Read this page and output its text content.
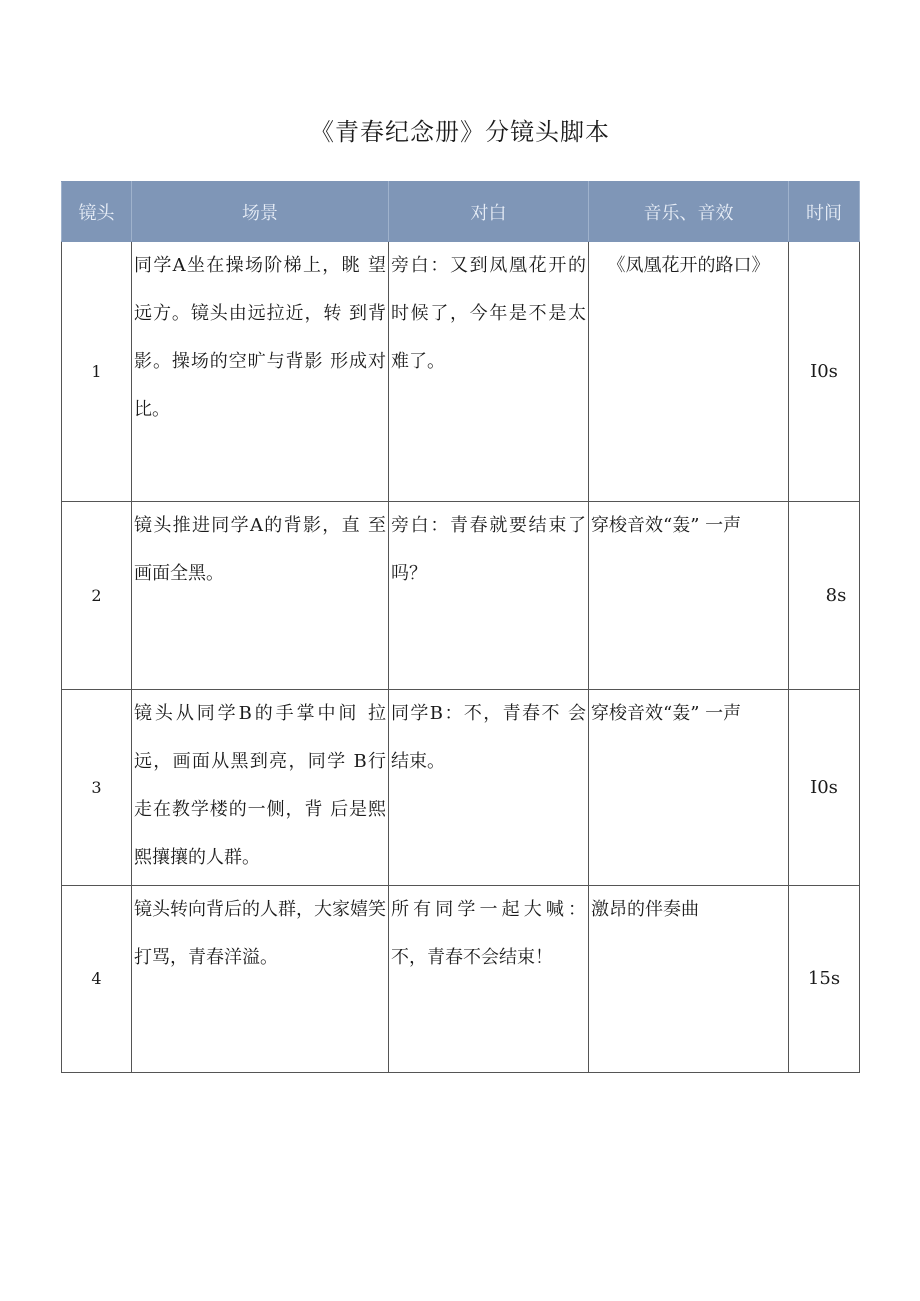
《青春纪念册》分镜头脚本
镜头	场景	对白	音乐、音效	时间
1	同学A坐在操场阶梯上，眺 望远方。镜头由远拉近，转 到背影。操场的空旷与背影 形成对比。	旁白：又到凤凰花开的时候了，今年是不是太难了。	《凤凰花开的路口》	I0s
2	镜头推进同学A的背影，直 至画面全黑。	旁白：青春就要结束了吗？	穿梭音效“轰” 一声	8s
3	镜头从同学B的手掌中间 拉远，画面从黑到亮，同学 B行走在教学楼的一侧，背 后是熙熙攘攘的人群。	同学B：不，青春不 会结束。	穿梭音效“轰” 一声	I0s
4	镜头转向背后的人群，大家嬉笑打骂，青春洋溢。	所有同学一起大喊：不，青春不会结束！	激昂的伴奏曲	15s
